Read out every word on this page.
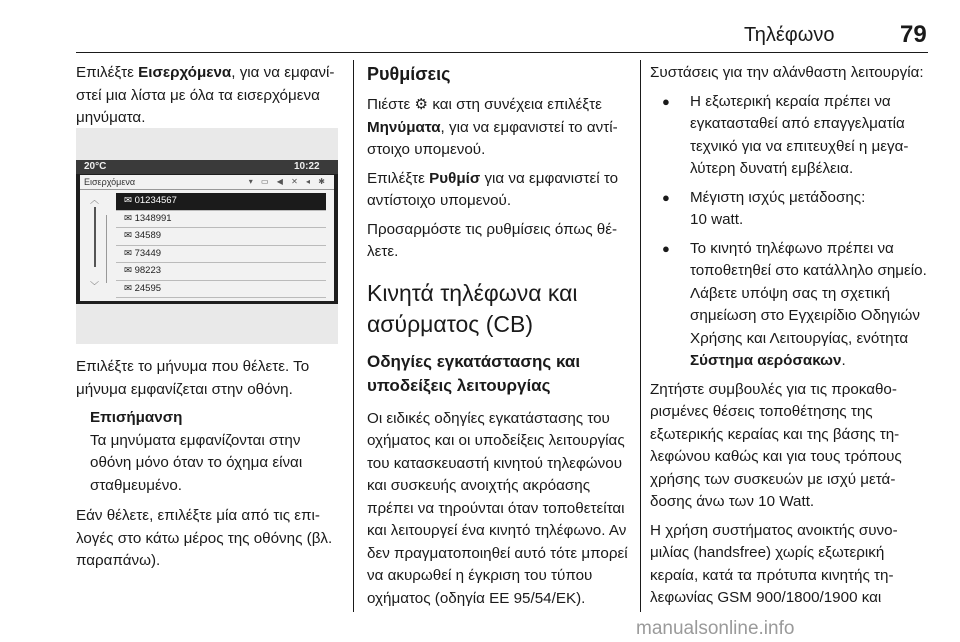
Τηλέφωνο	79

Επιλέξτε Εισερχόμενα, για να εμφανίστεί μια λίστα με όλα τα εισερχόμενα μηνύματα.

20°C	10:22
Εισερχόμενα	▾ ▭ ◀ ✕ ◂ ✱
︿
﹀
✉ 01234567
✉ 1348991
✉ 34589
✉ 73449
✉ 98223
✉ 24595

Επιλέξτε το μήνυμα που θέλετε. Το μήνυμα εμφανίζεται στην οθόνη.

Επισήμανση
Τα μηνύματα εμφανίζονται στην οθόνη μόνο όταν το όχημα είναι σταθμευμένο.

Εάν θέλετε, επιλέξτε μία από τις επιλογές στο κάτω μέρος της οθόνης (βλ. παραπάνω).

Ρυθμίσεις

Πιέστε ⚙ και στη συνέχεια επιλέξτε Μηνύματα, για να εμφανιστεί το αντίστοιχο υπομενού.

Επιλέξτε Ρυθμίσ για να εμφανιστεί το αντίστοιχο υπομενού.

Προσαρμόστε τις ρυθμίσεις όπως θέλετε.

Κινητά τηλέφωνα και ασύρματος (CB)
Οδηγίες εγκατάστασης και υποδείξεις λειτουργίας

Οι ειδικές οδηγίες εγκατάστασης του οχήματος και οι υποδείξεις λειτουργίας του κατασκευαστή κινητού τηλεφώνου και συσκευής ανοιχτής ακρόασης πρέπει να τηρούνται όταν τοποθετείται και λειτουργεί ένα κινητό τηλέφωνο. Αν δεν πραγματοποιηθεί αυτό τότε μπορεί να ακυρωθεί η έγκριση του τύπου οχήματος (οδηγία ΕΕ 95/54/ΕΚ).

Συστάσεις για την αλάνθαστη λειτουργία:

● Η εξωτερική κεραία πρέπει να εγκατασταθεί από επαγγελματία τεχνικό για να επιτευχθεί η μεγαλύτερη δυνατή εμβέλεια.
● Μέγιστη ισχύς μετάδοσης:
10 watt.
● Το κινητό τηλέφωνο πρέπει να τοποθετηθεί στο κατάλληλο σημείο. Λάβετε υπόψη σας τη σχετική σημείωση στο Εγχειρίδιο Οδηγιών Χρήσης και Λειτουργίας, ενότητα Σύστημα αερόσακων.

Ζητήστε συμβουλές για τις προκαθορισμένες θέσεις τοποθέτησης της εξωτερικής κεραίας και της βάσης τηλεφώνου καθώς και για τους τρόπους χρήσης των συσκευών με ισχύ μετάδοσης άνω των 10 Watt.

Η χρήση συστήματος ανοικτής συνομιλίας (handsfree) χωρίς εξωτερική κεραία, κατά τα πρότυπα κινητής τηλεφωνίας GSM 900/1800/1900 και

manualsonline.info
